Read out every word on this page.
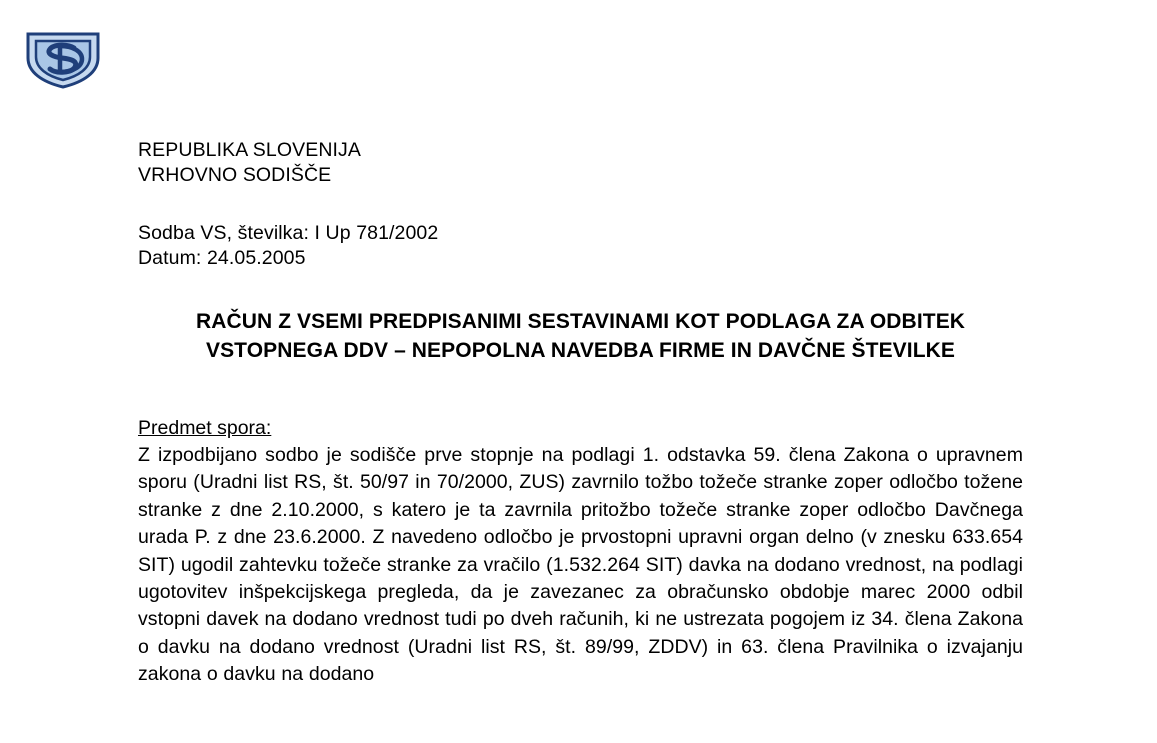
REPUBLIKA SLOVENIJA
VRHOVNO SODIŠČE
Sodba VS, številka: I Up 781/2002
Datum: 24.05.2005
RAČUN Z VSEMI PREDPISANIMI SESTAVINAMI KOT PODLAGA ZA ODBITEK VSTOPNEGA DDV – NEPOPOLNA NAVEDBA FIRME IN DAVČNE ŠTEVILKE
Predmet spora:
Z izpodbijano sodbo je sodišče prve stopnje na podlagi 1. odstavka 59. člena Zakona o upravnem sporu (Uradni list RS, št. 50/97 in 70/2000, ZUS) zavrnilo tožbo tožeče stranke zoper odločbo tožene stranke z dne 2.10.2000, s katero je ta zavrnila pritožbo tožeče stranke zoper odločbo Davčnega urada P. z dne 23.6.2000. Z navedeno odločbo je prvostopni upravni organ delno (v znesku 633.654 SIT) ugodil zahtevku tožeče stranke za vračilo (1.532.264 SIT) davka na dodano vrednost, na podlagi ugotovitev inšpekcijskega pregleda, da je zavezanec za obračunsko obdobje marec 2000 odbil vstopni davek na dodano vrednost tudi po dveh računih, ki ne ustrezata pogojem iz 34. člena Zakona o davku na dodano vrednost (Uradni list RS, št. 89/99, ZDDV) in 63. člena Pravilnika o izvajanju zakona o davku na dodano
